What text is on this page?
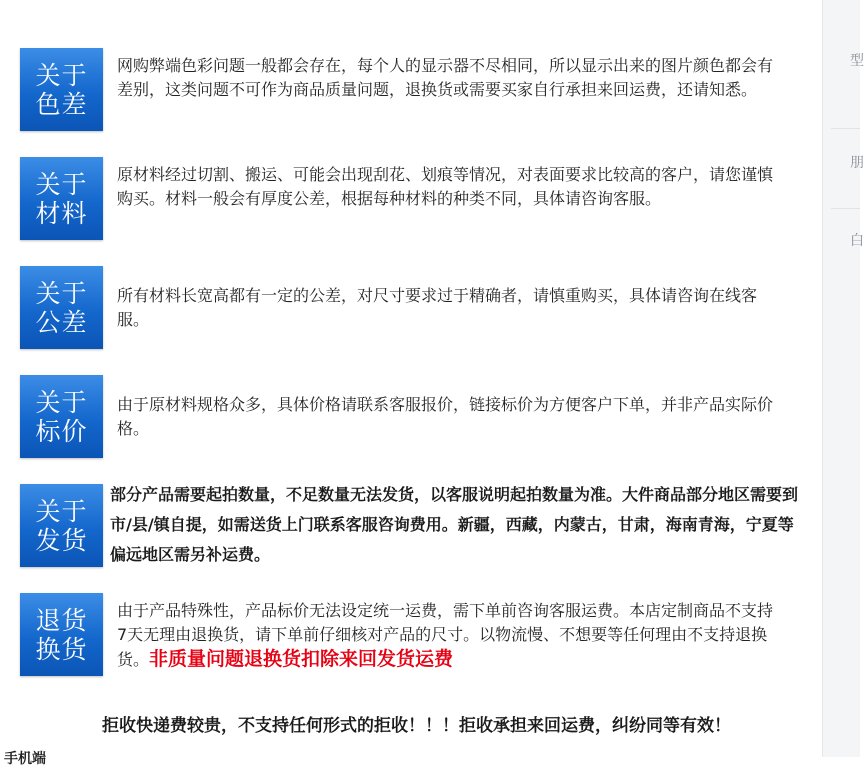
关于
色差
网购弊端色彩问题一般都会存在，每个人的显示器不尽相同，所以显示出来的图片颜色都会有差别，这类问题不可作为商品质量问题，退换货或需要买家自行承担来回运费，还请知悉。
关于
材料
原材料经过切割、搬运、可能会出现刮花、划痕等情况，对表面要求比较高的客户，请您谨慎购买。材料一般会有厚度公差，根据每种材料的种类不同，具体请咨询客服。
关于
公差
所有材料长宽高都有一定的公差，对尺寸要求过于精确者，请慎重购买，具体请咨询在线客服。
关于
标价
由于原材料规格众多，具体价格请联系客服报价，链接标价为方便客户下单，并非产品实际价格。
关于
发货
部分产品需要起拍数量，不足数量无法发货，以客服说明起拍数量为准。大件商品部分地区需要到市/县/镇自提，如需送货上门联系客服咨询费用。新疆，西藏，内蒙古，甘肃，海南青海，宁夏等偏远地区需另补运费。
退货
换货
由于产品特殊性，产品标价无法设定统一运费，需下单前咨询客服运费。本店定制商品不支持7天无理由退换货，请下单前仔细核对产品的尺寸。以物流慢、不想要等任何理由不支持退换货。非质量问题退换货扣除来回发货运费
拒收快递费较贵，不支持任何形式的拒收！！！拒收承担来回运费，纠纷同等有效！
手机端
型
朋
白
